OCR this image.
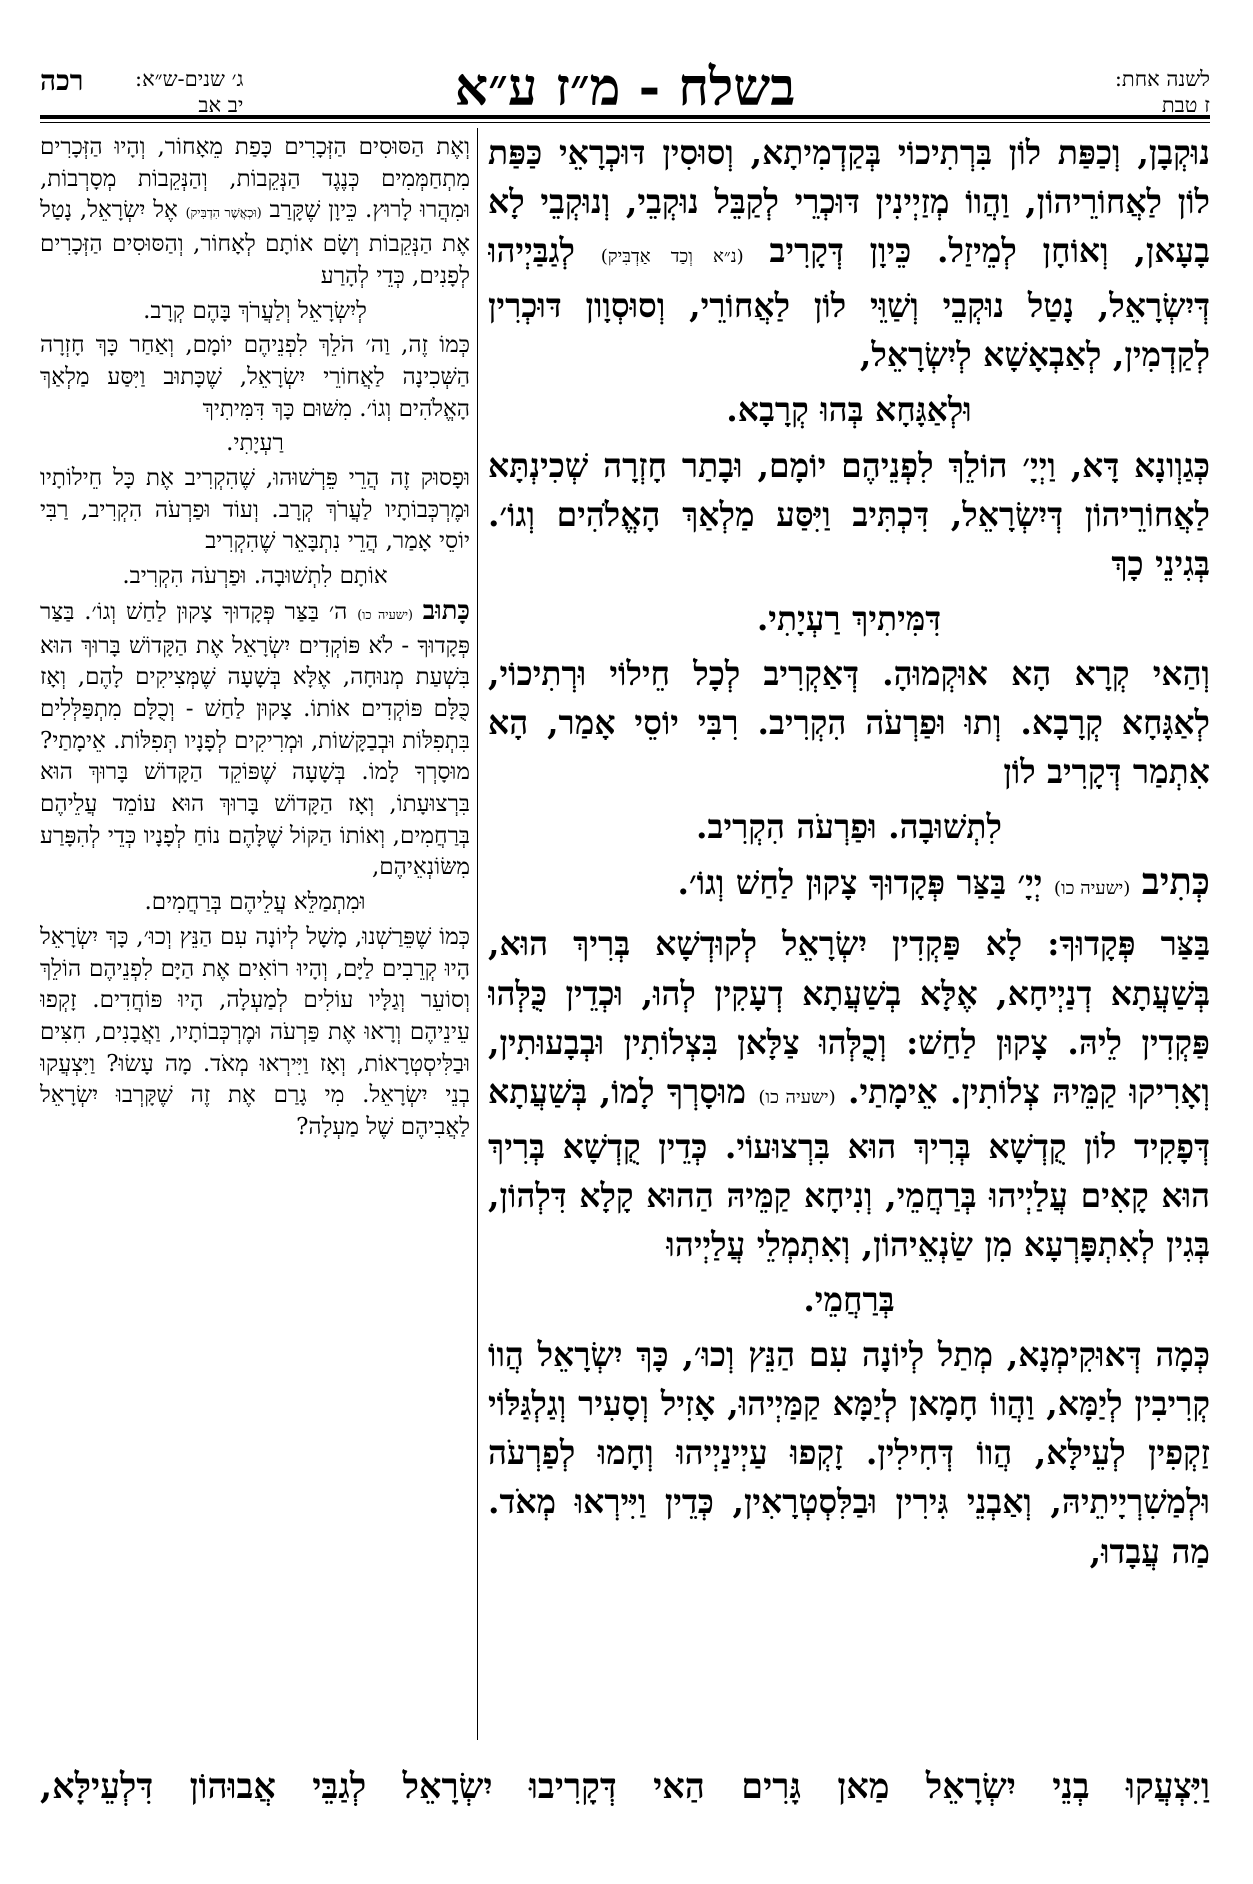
לשנה אחת:
ז טבת
בשלח - מ״ז ע״א
ג׳ שנים-ש״א:
יב אב
רכה

נוּקְבָן, וְכַפַּת לוֹן בִּרְתִיכוֹי בְּקַדְמִיתָא, וְסוּסִין דּוּכְרָאֵי כַּפַּת לוֹן לַאֲחוֹרֵיהוֹן, וַהֲווֹ מְזַיְינִין דּוּכְרֵי לְקַבֵּל נוּקְבֵי, וְנוּקְבֵי לָא בָעָאן, וְאוֹחָן לְמֵיזַל. כֵּיוָן דְּקָרִיב (נ״א וְכַד אַדְבִּיק) לְגַבַּיְיהוּ דְּיִשְׂרָאֵל, נָטַל נוּקְבֵי וְשַׁוֵּי לוֹן לַאֲחוֹרֵי, וְסוּסְוָון דּוּכְרִין לְקַדְמִין, לְאַבְאָשָׁא לְיִשְׂרָאֵל,

וּלְאַגָּחָא בְּהוּ קְרָבָא.

כְּגַוְונָא דָּא, וַיְיָ׳ הוֹלֵךְ לִפְנֵיהֶם יוֹמָם, וּבָתַר חָזְרָה שְׁכִינְתָּא לַאֲחוֹרֵיהוֹן דְּיִשְׂרָאֵל, דִּכְתִּיב וַיִּסַּע מַלְאַךְ הָאֱלֹהִים וְגוֹ׳. בְּגִינֵי כָךְ

דִּמִּיתִיךְ רַעְיָתִי.

וְהַאי קְרָא הָא אוּקְמוּהָ. דְּאַקְרִיב לְכָל חֵילוֹי וּרְתִיכוֹי, לְאַגָּחָא קְרָבָא. וְתוּ וּפַרְעֹה הִקְרִיב. רִבִּי יוֹסֵי אָמַר, הָא אִתְמַר דְּקָרִיב לוֹן

לִתְשׁוּבָה. וּפַרְעֹה הִקְרִיב.

כְּתִיב (ישעיה כו) יְיָ׳ בַּצַּר פְּקָדוּךָ צָקוּן לַחַשׁ וְגוֹ׳.

בַּצַּר פְּקָדוּךָ: לָא פַּקְדִין יִשְׂרָאֵל לְקוּדְשָׁא בְּרִיךְ הוּא, בְּשַׁעֲתָא דְנַיְיחָא, אֶלָּא בְשַׁעֲתָא דְעָקִין לְהוּ, וּכְדֵין כֻּלְּהוּ פַּקְדִין לֵיהּ. צָקוּן לַחַשׁ: וְכֻלְּהוּ צַלָּאן בִּצְלוֹתִין וּבְבָעוּתִין, וְאָרִיקוּ קַמֵּיהּ צְלוֹתִין. אֵימָתַי. (ישעיה כו) מוּסָרְךָ לָמוֹ, בְּשַׁעֲתָא דְּפָקִיד לוֹן קֻדְשָׁא בְּרִיךְ הוּא בִּרְצוּעוֹי. כְּדֵין קֻדְשָׁא בְּרִיךְ הוּא קָאִים עֲלַיְיהוּ בְּרַחֲמֵי, וְנִיחָא קַמֵּיהּ הַהוּא קָלָא דִּלְהוֹן, בְּגִין לְאִתְפָּרְעָא מִן שַׂנְאֵיהוֹן, וְאִתְמְלֵי עֲלַיְיהוּ

בְּרַחֲמֵי.

כְּמָה דְּאוּקִימְנָא, מְתַל לְיוֹנָה עִם הַנֵּץ וְכוּ׳, כָּךְ יִשְׂרָאֵל הֲווֹ קְרִיבִין לְיַמָּא, וַהֲווֹ חָמָאן לְיַמָּא קַמַּיְיהוּ, אָזִיל וְסָעִיר וְגַלְגַּלּוֹי זַקְפִין לְעֵילָּא, הֲווֹ דְּחִילִין. זָקְפוּ עַיְינַיְיהוּ וְחָמוּ לְפַרְעֹה וּלְמַשִׁרְיָיתֵיהּ, וְאַבְנֵי גִּירִין וּבַלִּסְטְרָאִין, כְּדֵין וַיִּירְאוּ מְאֹד. מַה עֲבָדוּ,

וְאֶת הַסּוּסִים הַזְּכָרִים כָּפַת מֵאָחוֹר, וְהָיוּ הַזְּכָרִים מִתְחַמְּמִים כְּנֶגֶד הַנְּקֵבוֹת, וְהַנְּקֵבוֹת מְסָרְבוֹת, וּמִהֲרוּ לָרוּץ. כֵּיוָן שֶׁקָּרַב (וּכְאֲשֶׁר הִדְבִּיק) אֶל יִשְׂרָאֵל, נָטַל אֶת הַנְּקֵבוֹת וְשָׂם אוֹתָם לְאָחוֹר, וְהַסּוּסִים הַזְּכָרִים לְפָנִים, כְּדֵי לְהָרַע

לְיִשְׂרָאֵל וְלַעֲרֹךְ בָּהֶם קְרָב.

כְּמוֹ זֶה, וַה׳ הֹלֵךְ לִפְנֵיהֶם יוֹמָם, וְאַחַר כָּךְ חָזְרָה הַשְּׁכִינָה לַאֲחוֹרֵי יִשְׂרָאֵל, שֶׁכָּתוּב וַיִּסַּע מַלְאַךְ הָאֱלֹהִים וְגוֹ׳. מִשּׁוּם כָּךְ דִּמִּיתִיךְ

רַעְיָתִי.

וּפָסוּק זֶה הֲרֵי פֵּרְשׁוּהוּ, שֶׁהִקְרִיב אֶת כָּל חֵילוֹתָיו וּמֶרְכְּבוֹתָיו לַעֲרֹךְ קְרָב. וְעוֹד וּפַרְעֹה הִקְרִיב, רַבִּי יוֹסֵי אָמַר, הֲרֵי נִתְבָּאֵר שֶׁהִקְרִיב

אוֹתָם לִתְשׁוּבָה. וּפַרְעֹה הִקְרִיב.

כָּתוּב (ישעיה כו) ה׳ בַּצַּר פְּקָדוּךָ צָקוּן לַחַשׁ וְגוֹ׳. בַּצַּר פְּקָדוּךָ - לֹא פּוֹקְדִים יִשְׂרָאֵל אֶת הַקָּדוֹשׁ בָּרוּךְ הוּא בִּשְׁעַת מְנוּחָה, אֶלָּא בְּשָׁעָה שֶׁמְּצִיקִים לָהֶם, וְאָז כֻּלָּם פּוֹקְדִים אוֹתוֹ. צָקוּן לַחַשׁ - וְכֻלָּם מִתְפַּלְּלִים בִּתְפִלּוֹת וּבְבַקָּשׁוֹת, וּמְרִיקִים לְפָנָיו תְּפִלּוֹת. אֵימָתַי? מוּסָרְךָ לָמוֹ. בְּשָׁעָה שֶׁפּוֹקֵד הַקָּדוֹשׁ בָּרוּךְ הוּא בִּרְצוּעָתוֹ, וְאָז הַקָּדוֹשׁ בָּרוּךְ הוּא עוֹמֵד עֲלֵיהֶם בְּרַחֲמִים, וְאוֹתוֹ הַקּוֹל שֶׁלָּהֶם נוֹחַ לְפָנָיו כְּדֵי לְהִפָּרַע מִשּׂוֹנְאֵיהֶם,

וּמִתְמַלֵּא עֲלֵיהֶם בְּרַחֲמִים.

כְּמוֹ שֶׁפֵּרַשְׁנוּ, מָשָׁל לְיוֹנָה עִם הַנֵּץ וְכוּ׳, כָּךְ יִשְׂרָאֵל הָיוּ קְרֵבִים לַיָּם, וְהָיוּ רוֹאִים אֶת הַיָּם לִפְנֵיהֶם הוֹלֵךְ וְסוֹעֵר וְגַלָּיו עוֹלִים לְמַעְלָה, הָיוּ פּוֹחֲדִים. זָקְפוּ עֵינֵיהֶם וְרָאוּ אֶת פַּרְעֹה וּמֶרְכְּבוֹתָיו, וַאֲבָנִים, חִצִּים וּבַלִּיסְטְרָאוֹת, וְאָז וַיִּירְאוּ מְאֹד. מָה עָשׂוּ? וַיִּצְעֲקוּ בְנֵי יִשְׂרָאֵל. מִי גָרַם אֶת זֶה שֶׁקָּרְבוּ יִשְׂרָאֵל לַאֲבִיהֶם שֶׁל מַעְלָה?

וַיִּצְעֲקוּ בְנֵי יִשְׂרָאֵל מַאן גָּרִים הַאי דְּקָרִיבוּ יִשְׂרָאֵל לְגַבֵּי אֲבוּהוֹן דִּלְעֵילָּא,
